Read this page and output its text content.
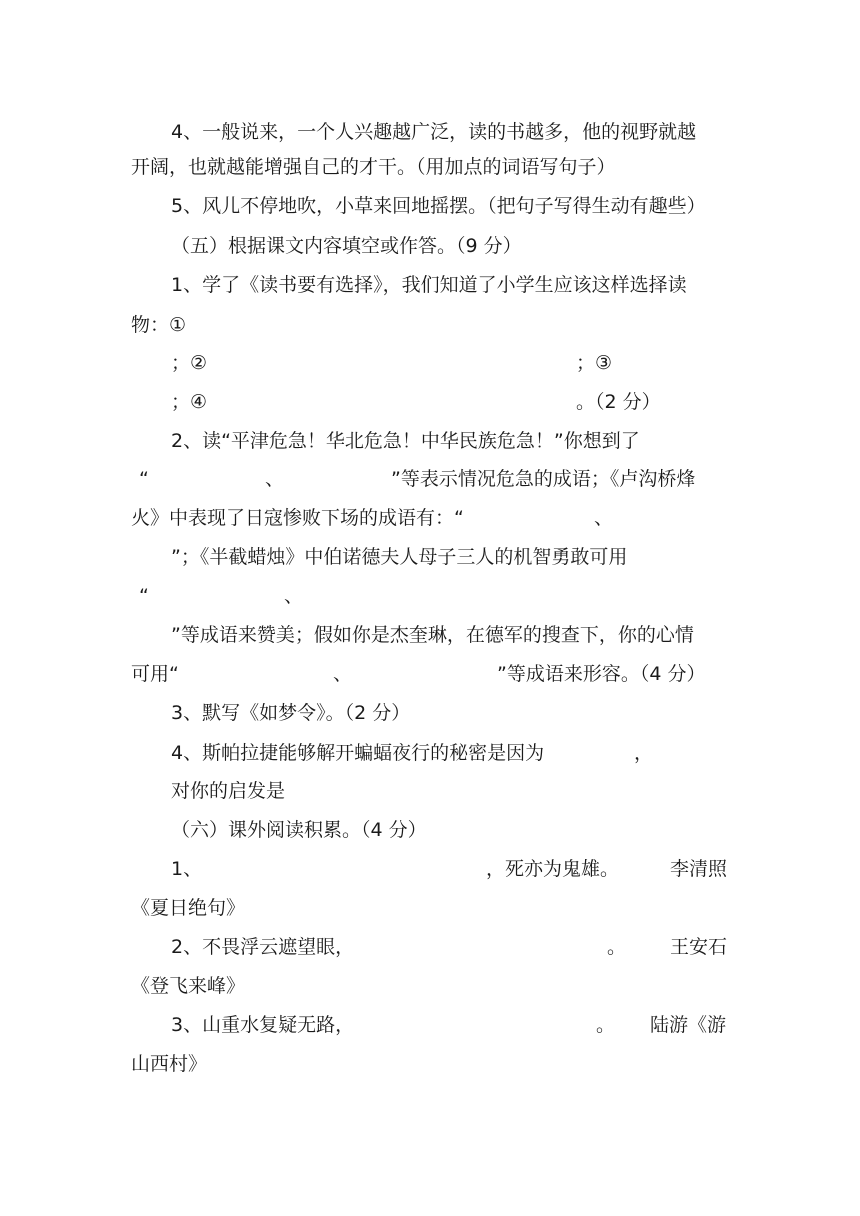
4、一般说来，一个人兴趣越广泛，读的书越多，他的视野就越
开阔，也就越能增强自己的才干。（用加点的词语写句子）
5、风儿不停地吹，小草来回地摇摆。（把句子写得生动有趣些）
（五）根据课文内容填空或作答。（9 分）
1、学了《读书要有选择》，我们知道了小学生应该这样选择读
物：①
；②	；③
；④	。（2 分）
2、读“平津危急！华北危急！中华民族危急！”你想到了
“	、	”等表示情况危急的成语；《卢沟桥烽
火》中表现了日寇惨败下场的成语有：“	、
”；《半截蜡烛》中伯诺德夫人母子三人的机智勇敢可用
“	、
”等成语来赞美；假如你是杰奎琳，在德军的搜查下，你的心情
可用“	、	”等成语来形容。（4 分）
3、默写《如梦令》。（2 分）
4、斯帕拉捷能够解开蝙蝠夜行的秘密是因为	，
对你的启发是
（六）课外阅读积累。（4 分）
1、	，死亦为鬼雄。	李清照
《夏日绝句》
2、不畏浮云遮望眼，	。 王安石
《登飞来峰》
3、山重水复疑无路，	。 陆游《游
山西村》
